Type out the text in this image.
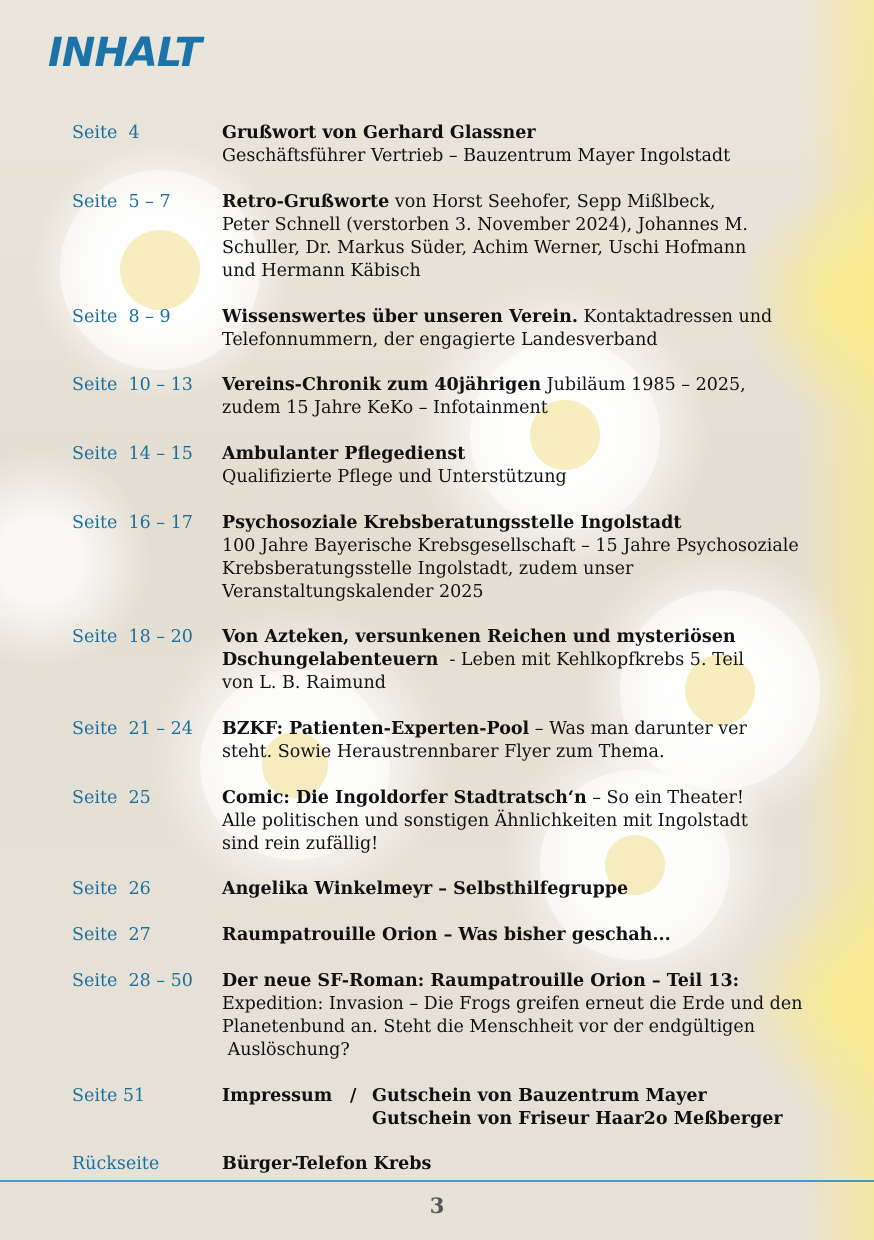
INHALT
Seite  4	Grußwort von Gerhard Glassner
Geschäftsführer Vertrieb – Bauzentrum Mayer Ingolstadt
Seite  5 – 7	Retro-Grußworte von Horst Seehofer, Sepp Mißlbeck,
Peter Schnell (verstorben 3. November 2024), Johannes M.
Schuller, Dr. Markus Süder, Achim Werner, Uschi Hofmann
und Hermann Käbisch
Seite  8 – 9	Wissenswertes über unseren Verein. Kontaktadressen und
Telefonnummern, der engagierte Landesverband
Seite  10 – 13 Vereins-Chronik zum 40jährigen Jubiläum 1985 – 2025,
zudem 15 Jahre KeKo – Infotainment
Seite  14 – 15 Ambulanter Pflegedienst
Qualifizierte Pflege und Unterstützung
Seite  16 – 17 Psychosoziale Krebsberatungsstelle Ingolstadt
100 Jahre Bayerische Krebsgesellschaft – 15 Jahre Psychosoziale
Krebsberatungsstelle Ingolstadt, zudem unser
Veranstaltungskalender 2025
Seite  18 – 20 Von Azteken, versunkenen Reichen und mysteriösen
Dschungelabenteuern  - Leben mit Kehlkopfkrebs 5. Teil
von L. B. Raimund
Seite  21 – 24 BZKF: Patienten-Experten-Pool – Was man darunter ver
steht. Sowie Heraustrennbarer Flyer zum Thema.
Seite  25	Comic: Die Ingoldorfer Stadtratsch‘n – So ein Theater!
Alle politischen und sonstigen Ähnlichkeiten mit Ingolstadt
sind rein zufällig!
Seite  26	Angelika Winkelmeyr – Selbsthilfegruppe
Seite  27	Raumpatrouille Orion – Was bisher geschah...
Seite  28 – 50 Der neue SF-Roman: Raumpatrouille Orion – Teil 13:
Expedition: Invasion – Die Frogs greifen erneut die Erde und den
Planetenbund an. Steht die Menschheit vor der endgültigen
Auslöschung?
Seite 51	Impressum / Gutschein von Bauzentrum Mayer
Gutschein von Friseur Haar2o Meßberger
Rückseite	Bürger-Telefon Krebs
3
